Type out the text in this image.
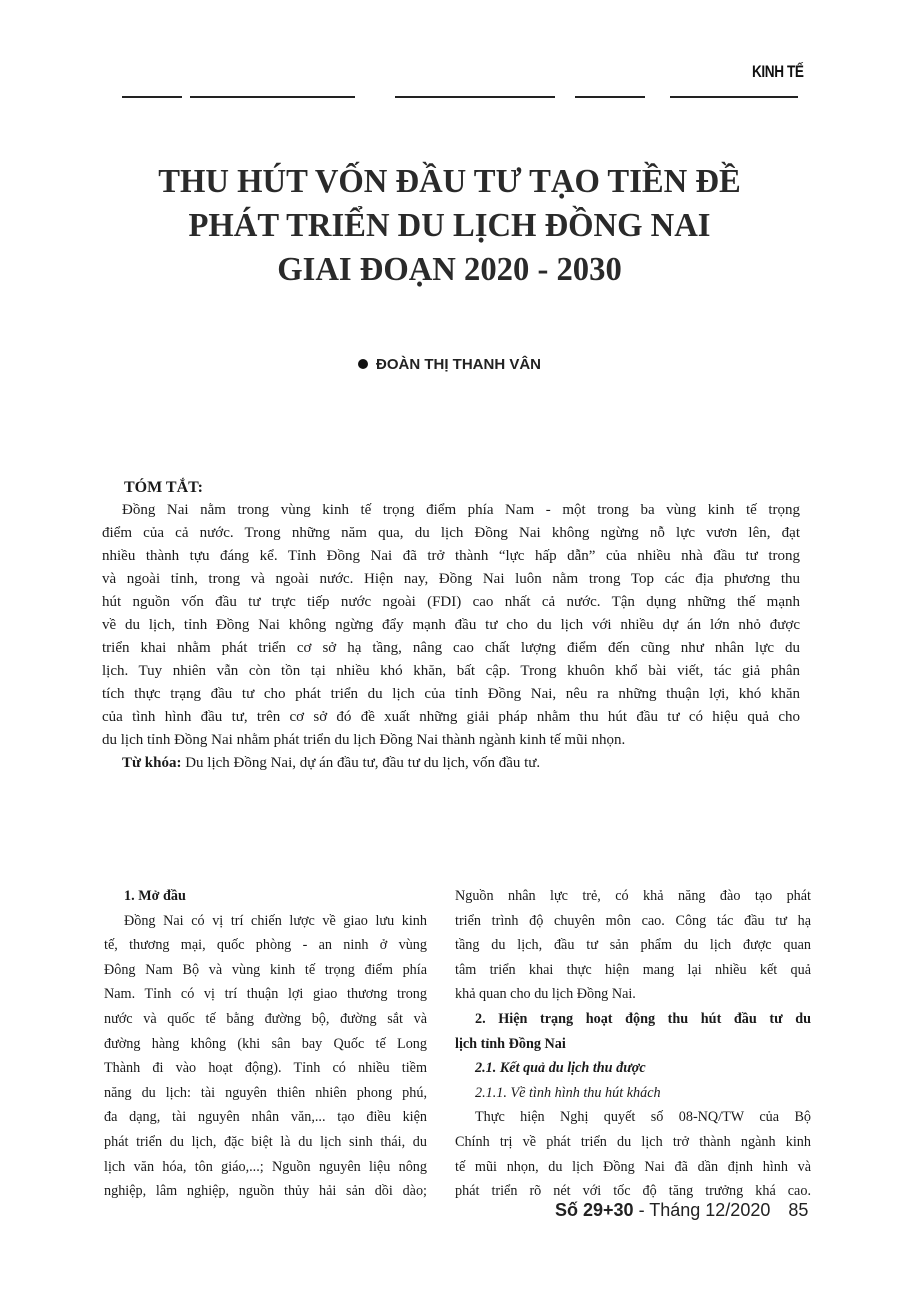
KINH TẾ
THU HÚT VỐN ĐẦU TƯ TẠO TIỀN ĐỀ
PHÁT TRIỂN DU LỊCH ĐỒNG NAI
GIAI ĐOẠN 2020 - 2030
ĐOÀN THỊ THANH VÂN
TÓM TẮT:
Đồng Nai nằm trong vùng kinh tế trọng điểm phía Nam - một trong ba vùng kinh tế trọng
điểm của cả nước. Trong những năm qua, du lịch Đồng Nai không ngừng nỗ lực vươn lên, đạt
nhiều thành tựu đáng kể. Tỉnh Đồng Nai đã trở thành “lực hấp dẫn” của nhiều nhà đầu tư trong
và ngoài tỉnh, trong và ngoài nước. Hiện nay, Đồng Nai luôn nằm trong Top các địa phương thu
hút nguồn vốn đầu tư trực tiếp nước ngoài (FDI) cao nhất cả nước. Tận dụng những thế mạnh
về du lịch, tỉnh Đồng Nai không ngừng đẩy mạnh đầu tư cho du lịch với nhiều dự án lớn nhỏ được
triển khai nhằm phát triển cơ sở hạ tầng, nâng cao chất lượng điểm đến cũng như nhân lực du
lịch. Tuy nhiên vẫn còn tồn tại nhiều khó khăn, bất cập. Trong khuôn khổ bài viết, tác giả phân
tích thực trạng đầu tư cho phát triển du lịch của tỉnh Đồng Nai, nêu ra những thuận lợi, khó khăn
của tình hình đầu tư, trên cơ sở đó đề xuất những giải pháp nhằm thu hút đầu tư có hiệu quả cho
du lịch tỉnh Đồng Nai nhằm phát triển du lịch Đồng Nai thành ngành kinh tế mũi nhọn.
Từ khóa: Du lịch Đồng Nai, dự án đầu tư, đầu tư du lịch, vốn đầu tư.
1. Mở đầu
Đồng Nai có vị trí chiến lược về giao lưu kinh
tế, thương mại, quốc phòng - an ninh ở vùng
Đông Nam Bộ và vùng kinh tế trọng điểm phía
Nam. Tỉnh có vị trí thuận lợi giao thương trong
nước và quốc tế bằng đường bộ, đường sắt và
đường hàng không (khi sân bay Quốc tế Long
Thành đi vào hoạt động). Tỉnh có nhiều tiềm
năng du lịch: tài nguyên thiên nhiên phong phú,
đa dạng, tài nguyên nhân văn,... tạo điều kiện
phát triển du lịch, đặc biệt là du lịch sinh thái, du
lịch văn hóa, tôn giáo,...; Nguồn nguyên liệu nông
nghiệp, lâm nghiệp, nguồn thủy hải sản dồi dào;
Nguồn nhân lực trẻ, có khả năng đào tạo phát
triển trình độ chuyên môn cao. Công tác đầu tư hạ
tầng du lịch, đầu tư sản phẩm du lịch được quan
tâm triển khai thực hiện mang lại nhiều kết quả
khả quan cho du lịch Đồng Nai.
2. Hiện trạng hoạt động thu hút đầu tư du
lịch tỉnh Đồng Nai
2.1. Kết quả du lịch thu được
2.1.1. Về tình hình thu hút khách
Thực hiện Nghị quyết số 08-NQ/TW của Bộ
Chính trị về phát triển du lịch trở thành ngành kinh
tế mũi nhọn, du lịch Đồng Nai đã dần định hình và
phát triển rõ nét với tốc độ tăng trưởng khá cao.
Số 29+30 - Tháng 12/2020 85
